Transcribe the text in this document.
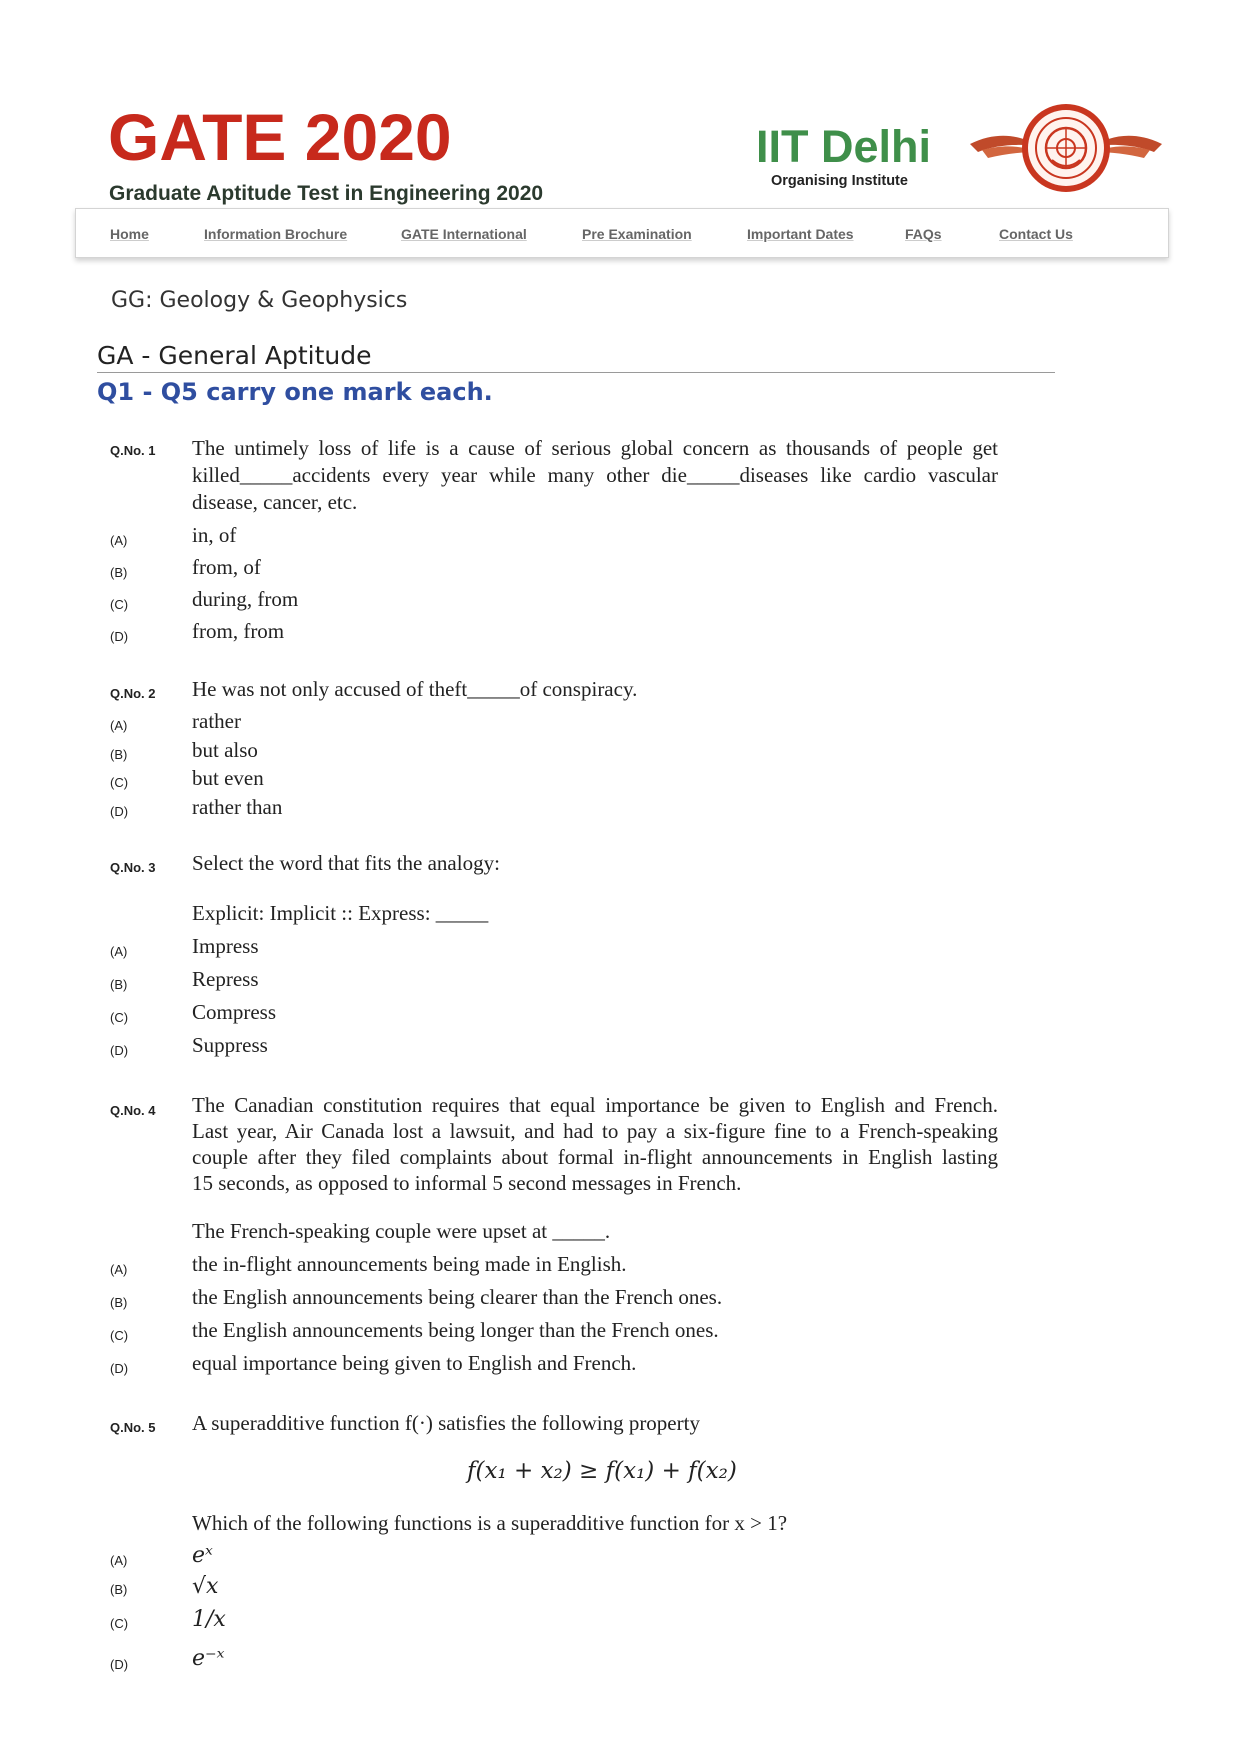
GATE 2020
Graduate Aptitude Test in Engineering 2020
IIT Delhi
Organising Institute
Home	Information Brochure	GATE International	Pre Examination	Important Dates	FAQs	Contact Us
GG: Geology & Geophysics
GA - General Aptitude
Q1 - Q5 carry one mark each.
Q.No. 1 The untimely loss of life is a cause of serious global concern as thousands of people get
killed_____accidents every year while many other die_____diseases like cardio vascular
disease, cancer, etc.
(A)	in, of
(B)	from, of
(C)	during, from
(D)	from, from
Q.No. 2 He was not only accused of theft_____of conspiracy.
(A)	rather
(B)	but also
(C)	but even
(D)	rather than
Q.No. 3 Select the word that fits the analogy:
Explicit: Implicit :: Express: _____
(A)	Impress
(B)	Repress
(C)	Compress
(D)	Suppress
Q.No. 4 The Canadian constitution requires that equal importance be given to English and French.
Last year, Air Canada lost a lawsuit, and had to pay a six-figure fine to a French-speaking
couple after they filed complaints about formal in-flight announcements in English lasting
15 seconds, as opposed to informal 5 second messages in French.
The French-speaking couple were upset at _____.
(A)	the in-flight announcements being made in English.
(B)	the English announcements being clearer than the French ones.
(C)	the English announcements being longer than the French ones.
(D)	equal importance being given to English and French.
Q.No. 5 A superadditive function f(·) satisfies the following property
f(x₁ + x₂) ≥ f(x₁) + f(x₂)
Which of the following functions is a superadditive function for x > 1?
(A)	eˣ
(B)	√x
(C)	1/x
(D)	e⁻ˣ
